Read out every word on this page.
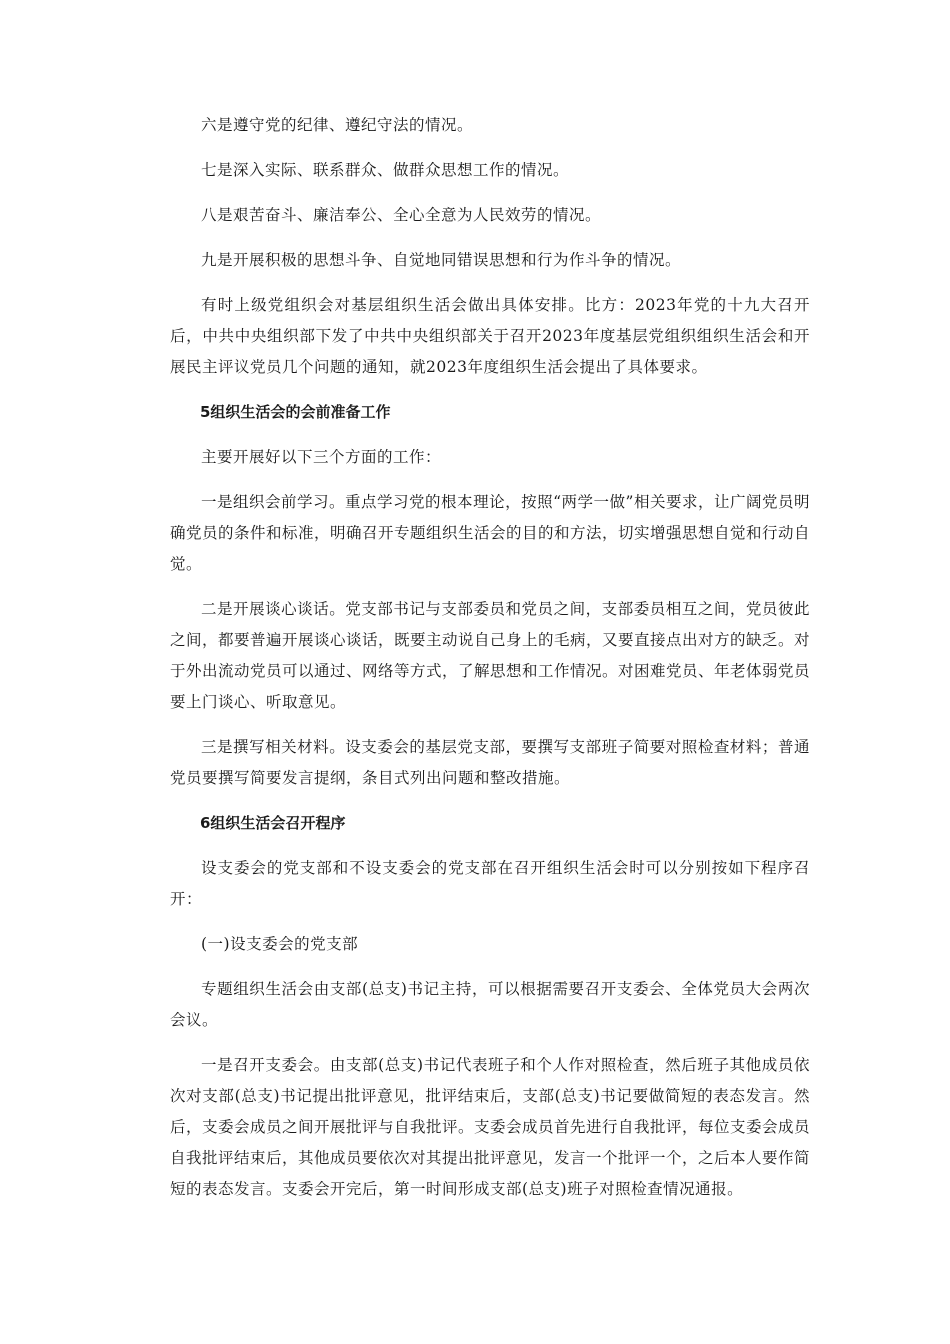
六是遵守党的纪律、遵纪守法的情况。

七是深入实际、联系群众、做群众思想工作的情况。

八是艰苦奋斗、廉洁奉公、全心全意为人民效劳的情况。

九是开展积极的思想斗争、自觉地同错误思想和行为作斗争的情况。

有时上级党组织会对基层组织生活会做出具体安排。比方：2023年党的十九大召开后，中共中央组织部下发了中共中央组织部关于召开2023年度基层党组织组织生活会和开展民主评议党员几个问题的通知，就2023年度组织生活会提出了具体要求。

5组织生活会的会前准备工作

主要开展好以下三个方面的工作：

一是组织会前学习。重点学习党的根本理论，按照“两学一做”相关要求，让广阔党员明确党员的条件和标准，明确召开专题组织生活会的目的和方法，切实增强思想自觉和行动自觉。

二是开展谈心谈话。党支部书记与支部委员和党员之间，支部委员相互之间，党员彼此之间，都要普遍开展谈心谈话，既要主动说自己身上的毛病，又要直接点出对方的缺乏。对于外出流动党员可以通过、网络等方式，了解思想和工作情况。对困难党员、年老体弱党员要上门谈心、听取意见。

三是撰写相关材料。设支委会的基层党支部，要撰写支部班子简要对照检查材料；普通党员要撰写简要发言提纲，条目式列出问题和整改措施。

6组织生活会召开程序

设支委会的党支部和不设支委会的党支部在召开组织生活会时可以分别按如下程序召开：

(一)设支委会的党支部

专题组织生活会由支部(总支)书记主持，可以根据需要召开支委会、全体党员大会两次会议。

一是召开支委会。由支部(总支)书记代表班子和个人作对照检查，然后班子其他成员依次对支部(总支)书记提出批评意见，批评结束后，支部(总支)书记要做简短的表态发言。然后，支委会成员之间开展批评与自我批评。支委会成员首先进行自我批评，每位支委会成员自我批评结束后，其他成员要依次对其提出批评意见，发言一个批评一个，之后本人要作简短的表态发言。支委会开完后，第一时间形成支部(总支)班子对照检查情况通报。
